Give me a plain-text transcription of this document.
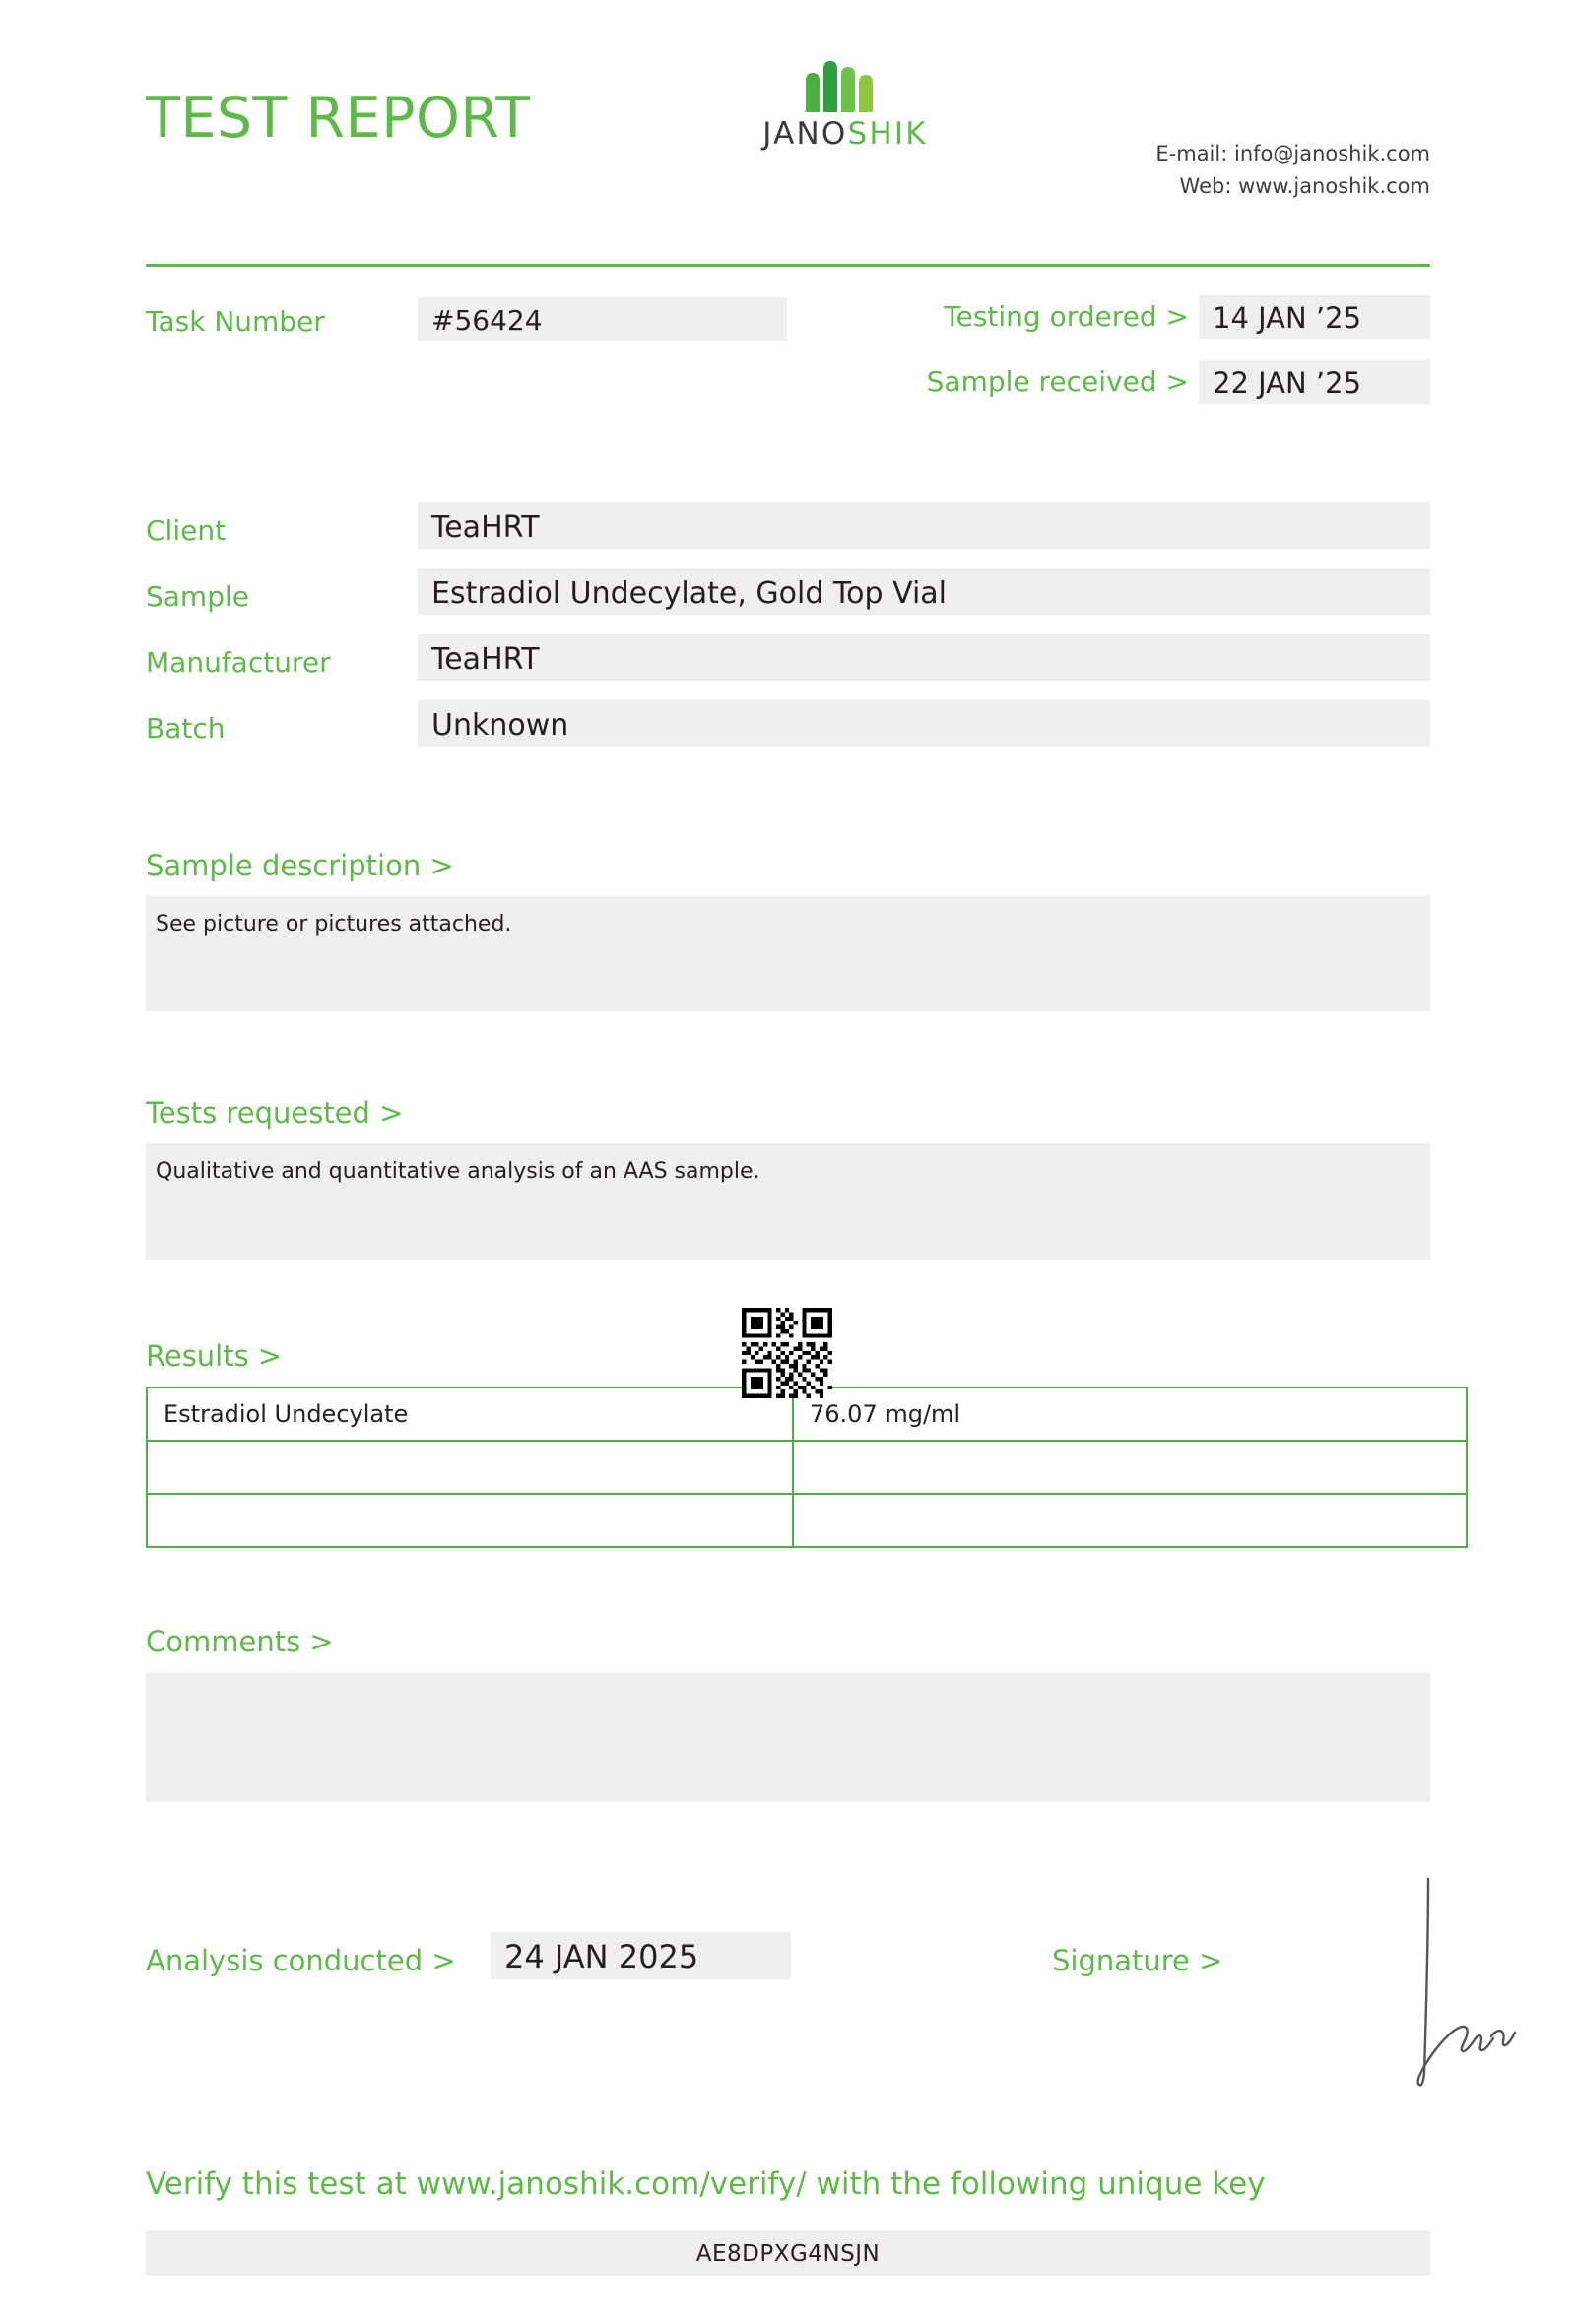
TEST REPORT	JANOSHIK
E-mail: info@janoshik.com
Web: www.janoshik.com
Task Number	#56424	Testing ordered > 14 JAN ’25
Sample received > 22 JAN ’25
Client	TeaHRT
Sample	Estradiol Undecylate, Gold Top Vial
Manufacturer	TeaHRT
Batch	Unknown
Sample description >
See picture or pictures attached.
Tests requested >
Qualitative and quantitative analysis of an AAS sample.
Results >
Estradiol Undecylate	76.07 mg/ml

Comments >
Analysis conducted >	24 JAN 2025	Signature >
Verify this test at www.janoshik.com/verify/ with the following unique key
AE8DPXG4NSJN
